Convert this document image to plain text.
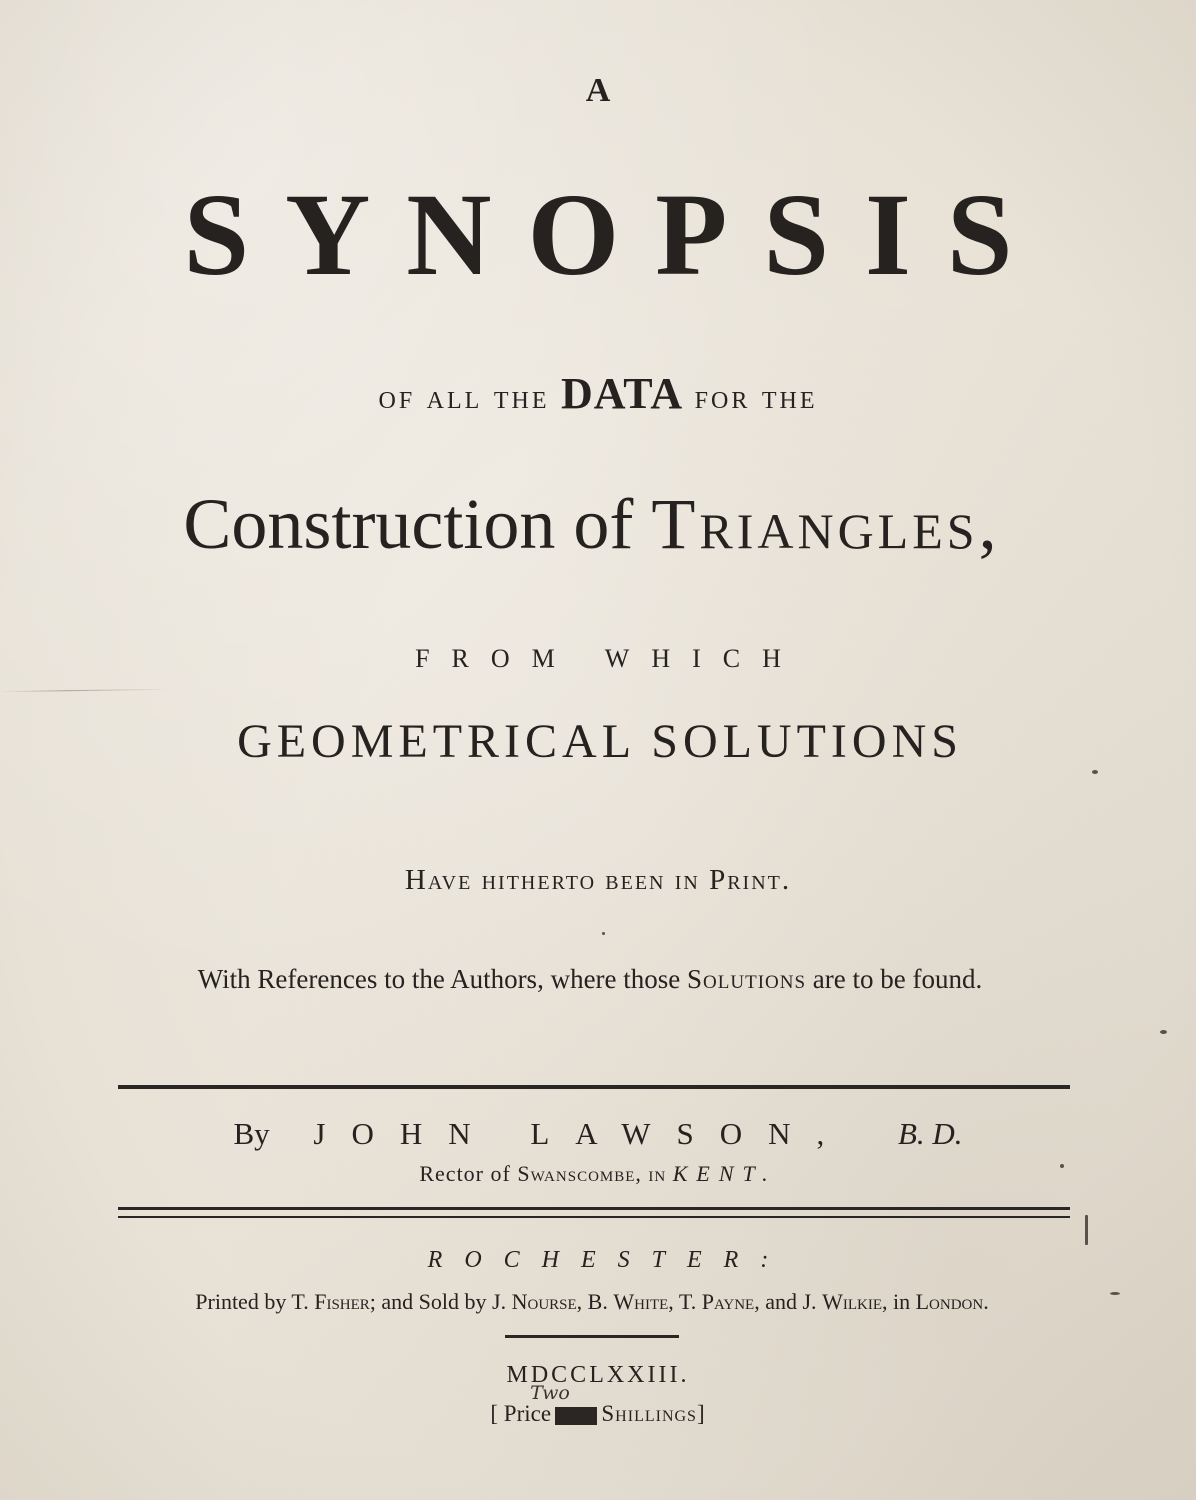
A
SYNOPSIS
of all the DATA for the
Construction of Triangles,
FROM WHICH
GEOMETRICAL SOLUTIONS
Have hitherto been in Print.
With References to the Authors, where those Solutions are to be found.
By JOHN LAWSON, B. D.
Rector of Swanscombe, in KENT.
ROCHESTER:
Printed by T. Fisher; and Sold by J. Nourse, B. White, T. Payne, and J. Wilkie, in London.
MDCCLXXIII.
Two
[ Price One Shillings]
